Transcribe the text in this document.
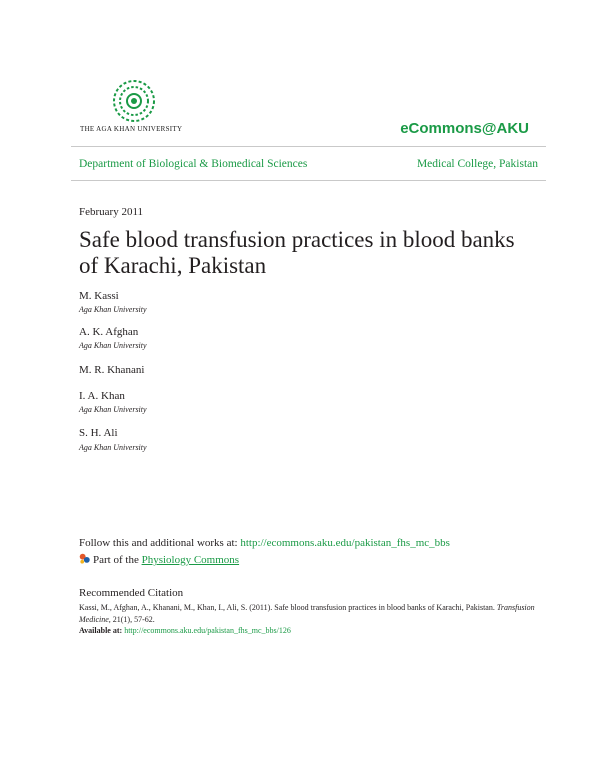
THE AGA KHAN UNIVERSITY	eCommons@AKU
Department of Biological & Biomedical Sciences	Medical College, Pakistan
February 2011
Safe blood transfusion practices in blood banks of Karachi, Pakistan
M. Kassi
Aga Khan University
A. K. Afghan
Aga Khan University
M. R. Khanani
I. A. Khan
Aga Khan University
S. H. Ali
Aga Khan University
Follow this and additional works at: http://ecommons.aku.edu/pakistan_fhs_mc_bbs
Part of the Physiology Commons
Recommended Citation
Kassi, M., Afghan, A., Khanani, M., Khan, I., Ali, S. (2011). Safe blood transfusion practices in blood banks of Karachi, Pakistan. Transfusion Medicine, 21(1), 57-62.
Available at: http://ecommons.aku.edu/pakistan_fhs_mc_bbs/126
